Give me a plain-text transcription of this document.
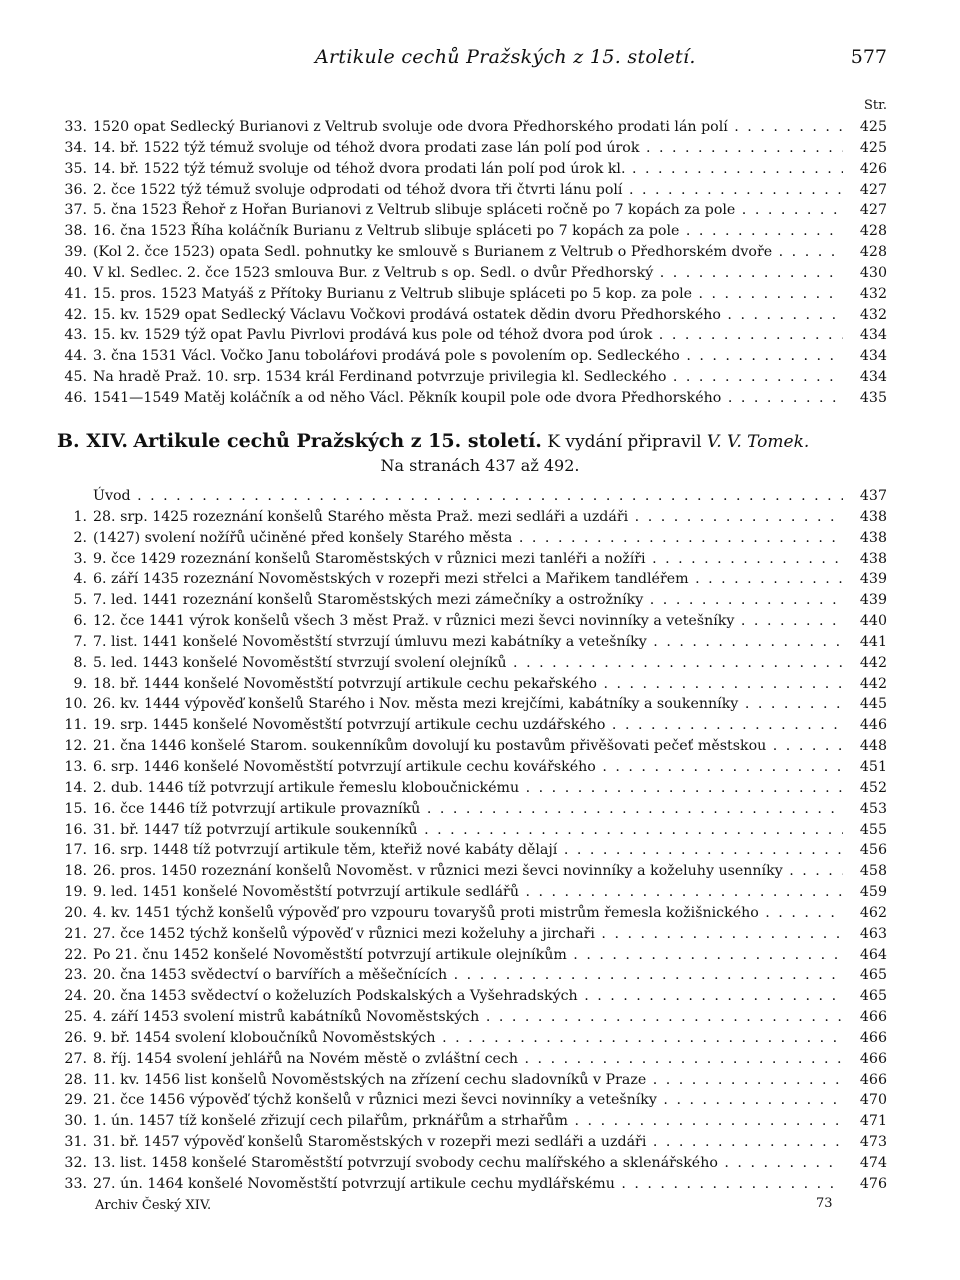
Artikule cechů Pražských z 15. století.	577
Str.
33. 1520 opat Sedlecký Burianovi z Veltrub svoluje ode dvora Předhorského prodati lán polí . . .	425
34. 14. bř. 1522 týž témuž svoluje od téhož dvora prodati zase lán polí pod úrok . . .	425
35. 14. bř. 1522 týž témuž svoluje od téhož dvora prodati lán polí pod úrok kl. . . .	426
36. 2. čce 1522 týž témuž svoluje odprodati od téhož dvora tři čtvrti lánu polí . . .	427
37. 5. čna 1523 Řehoř z Hořan Burianovi z Veltrub slibuje spláceti ročně po 7 kopách za pole . . .	427
38. 16. čna 1523 Říha koláčník Burianu z Veltrub slibuje spláceti po 7 kopách za pole . . .	428
39. (Kol 2. čce 1523) opata Sedl. pohnutky ke smlouvě s Burianem z Veltrub o Předhorském dvoře . . .	428
40. V kl. Sedlec. 2. čce 1523 smlouva Bur. z Veltrub s op. Sedl. o dvůr Předhorský . . .	430
41. 15. pros. 1523 Matyáš z Přítoky Burianu z Veltrub slibuje spláceti po 5 kop. za pole . . .	432
42. 15. kv. 1529 opat Sedlecký Václavu Vočkovi prodává ostatek dědin dvoru Předhorského . . .	432
43. 15. kv. 1529 týž opat Pavlu Pivrlovi prodává kus pole od téhož dvora pod úrok . . .	434
44. 3. čna 1531 Václ. Vočko Janu toboláŕovi prodává pole s povolením op. Sedleckého . . .	434
45. Na hradě Praž. 10. srp. 1534 král Ferdinand potvrzuje privilegia kl. Sedleckého . . .	434
46. 1541—1549 Matěj koláčník a od něho Václ. Pěkník koupil pole ode dvora Předhorského . . .	435
B. XIV. Artikule cechů Pražských z 15. století. K vydání připravil V. V. Tomek.
Na stranách 437 až 492.
Úvod . . .	437
1. 28. srp. 1425 rozeznání konšelů Starého města Praž. mezi sedláři a uzdáři . . .	438
2. (1427) svolení nožířů učiněné před konšely Starého města . . .	438
3. 9. čce 1429 rozeznání konšelů Staroměstských v různici mezi tanléři a nožíři . . .	438
4. 6. září 1435 rozeznání Novoměstských v rozepři mezi střelci a Mařikem tandléřem . . .	439
5. 7. led. 1441 rozeznání konšelů Staroměstských mezi zámečníky a ostrožníky . . .	439
6. 12. čce 1441 výrok konšelů všech 3 měst Praž. v různici mezi ševci novinníky a vetešníky . . .	440
7. 7. list. 1441 konšelé Novoměstští stvrzují úmluvu mezi kabátníky a vetešníky . . .	441
8. 5. led. 1443 konšelé Novoměstští stvrzují svolení olejníků . . .	442
9. 18. bř. 1444 konšelé Novoměstští potvrzují artikule cechu pekařského . . .	442
10. 26. kv. 1444 výpověď konšelů Starého i Nov. města mezi krejčími, kabátníky a soukenníky . . .	445
11. 19. srp. 1445 konšelé Novoměstští potvrzují artikule cechu uzdářského . . .	446
12. 21. čna 1446 konšelé Starom. soukenníkům dovolují ku postavům přivěšovati pečeť městskou . . .	448
13. 6. srp. 1446 konšelé Novoměstští potvrzují artikule cechu kovářského . . .	451
14. 2. dub. 1446 tíž potvrzují artikule řemeslu kloboučnickému . . .	452
15. 16. čce 1446 tíž potvrzují artikule provazníků . . .	453
16. 31. bř. 1447 tíž potvrzují artikule soukenníků . . .	455
17. 16. srp. 1448 tíž potvrzují artikule těm, kteřiž nové kabáty dělají . . .	456
18. 26. pros. 1450 rozeznání konšelů Novoměst. v různici mezi ševci novinníky a koželuhy usenníky . . .	458
19. 9. led. 1451 konšelé Novoměstští potvrzují artikule sedlářů . . .	459
20. 4. kv. 1451 týchž konšelů výpověď pro vzpouru tovaryšů proti mistrům řemesla kožišnického . . .	462
21. 27. čce 1452 týchž konšelů výpověď v různici mezi koželuhy a jirchaři . . .	463
22. Po 21. čnu 1452 konšelé Novoměstští potvrzují artikule olejníkům . . .	464
23. 20. čna 1453 svědectví o barvířích a měšečnících . . .	465
24. 20. čna 1453 svědectví o koželuzích Podskalských a Vyšehradských . . .	465
25. 4. září 1453 svolení mistrů kabátníků Novoměstských . . .	466
26. 9. bř. 1454 svolení kloboučníků Novoměstských . . .	466
27. 8. říj. 1454 svolení jehlářů na Novém městě o zvláštní cech . . .	466
28. 11. kv. 1456 list konšelů Novoměstských na zřízení cechu sladovníků v Praze . . .	466
29. 21. čce 1456 výpověď týchž konšelů v různici mezi ševci novinníky a vetešníky . . .	470
30. 1. ún. 1457 tíž konšelé zřizují cech pilařům, prknářům a strhařům . . .	471
31. 31. bř. 1457 výpověď konšelů Staroměstských v rozepři mezi sedláři a uzdáři . . .	473
32. 13. list. 1458 konšelé Staroměstští potvrzují svobody cechu malířského a sklenářského . . .	474
33. 27. ún. 1464 konšelé Novoměstští potvrzují artikule cechu mydlářskému . . .	476
Archiv Český XIV.	73
